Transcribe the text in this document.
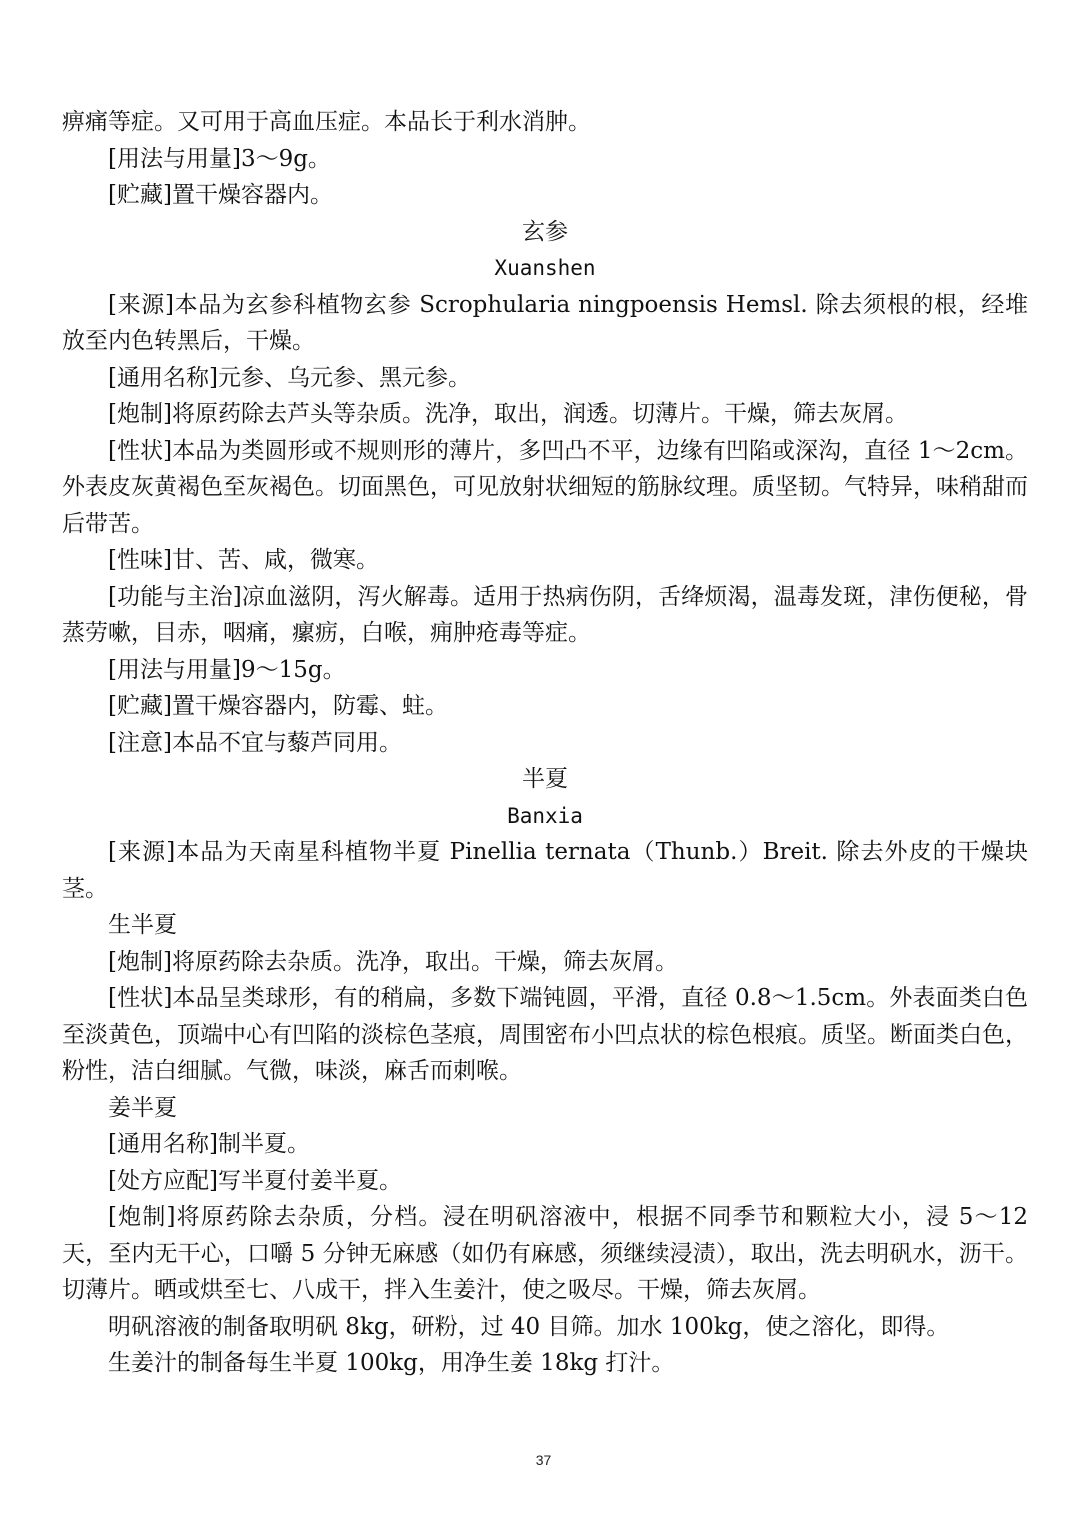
痹痛等症。又可用于高血压症。本品长于利水消肿。

[用法与用量]3～9g。

[贮藏]置干燥容器内。

玄参

Xuanshen

[来源]本品为玄参科植物玄参 Scrophularia ningpoensis Hemsl. 除去须根的根，经堆放至内色转黑后，干燥。

[通用名称]元参、乌元参、黑元参。

[炮制]将原药除去芦头等杂质。洗净，取出，润透。切薄片。干燥，筛去灰屑。

[性状]本品为类圆形或不规则形的薄片，多凹凸不平，边缘有凹陷或深沟，直径 1～2cm。外表皮灰黄褐色至灰褐色。切面黑色，可见放射状细短的筋脉纹理。质坚韧。气特异，味稍甜而后带苦。

[性味]甘、苦、咸，微寒。

[功能与主治]凉血滋阴，泻火解毒。适用于热病伤阴，舌绛烦渴，温毒发斑，津伤便秘，骨蒸劳嗽，目赤，咽痛，瘰疬，白喉，痈肿疮毒等症。

[用法与用量]9～15g。

[贮藏]置干燥容器内，防霉、蛀。

[注意]本品不宜与藜芦同用。

半夏

Banxia

[来源]本品为天南星科植物半夏 Pinellia ternata（Thunb.）Breit. 除去外皮的干燥块茎。

生半夏

[炮制]将原药除去杂质。洗净，取出。干燥，筛去灰屑。

[性状]本品呈类球形，有的稍扁，多数下端钝圆，平滑，直径 0.8～1.5cm。外表面类白色至淡黄色，顶端中心有凹陷的淡棕色茎痕，周围密布小凹点状的棕色根痕。质坚。断面类白色，粉性，洁白细腻。气微，味淡，麻舌而刺喉。

姜半夏

[通用名称]制半夏。

[处方应配]写半夏付姜半夏。

[炮制]将原药除去杂质，分档。浸在明矾溶液中，根据不同季节和颗粒大小，浸 5～12 天，至内无干心，口嚼 5 分钟无麻感（如仍有麻感，须继续浸渍），取出，洗去明矾水，沥干。切薄片。晒或烘至七、八成干，拌入生姜汁，使之吸尽。干燥，筛去灰屑。

明矾溶液的制备取明矾 8kg，研粉，过 40 目筛。加水 100kg，使之溶化，即得。

生姜汁的制备每生半夏 100kg，用净生姜 18kg 打汁。

37
